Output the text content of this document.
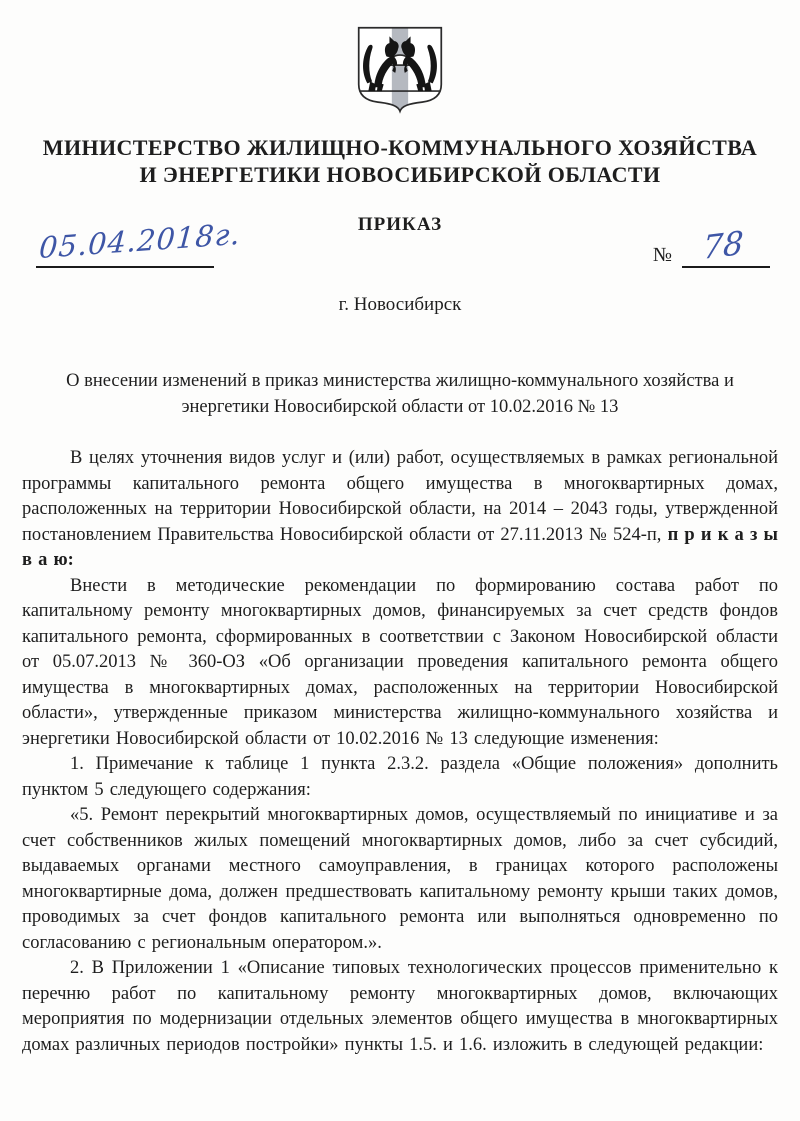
МИНИСТЕРСТВО ЖИЛИЩНО-КОММУНАЛЬНОГО ХОЗЯЙСТВА
И ЭНЕРГЕТИКИ НОВОСИБИРСКОЙ ОБЛАСТИ
ПРИКАЗ
05.04.2018г.	№ 78
г. Новосибирск
О внесении изменений в приказ министерства жилищно-коммунального хозяйства и энергетики Новосибирской области от 10.02.2016 № 13

В целях уточнения видов услуг и (или) работ, осуществляемых в рамках региональной программы капитального ремонта общего имущества в многоквартирных домах, расположенных на территории Новосибирской области, на 2014 – 2043 годы, утвержденной постановлением Правительства Новосибирской области от 27.11.2013 № 524-п, п р и к а з ы в а ю:

Внести в методические рекомендации по формированию состава работ по капитальному ремонту многоквартирных домов, финансируемых за счет средств фондов капитального ремонта, сформированных в соответствии с Законом Новосибирской области от 05.07.2013 № 360-ОЗ «Об организации проведения капитального ремонта общего имущества в многоквартирных домах, расположенных на территории Новосибирской области», утвержденные приказом министерства жилищно-коммунального хозяйства и энергетики Новосибирской области от 10.02.2016 № 13 следующие изменения:

1. Примечание к таблице 1 пункта 2.3.2. раздела «Общие положения» дополнить пунктом 5 следующего содержания:

«5. Ремонт перекрытий многоквартирных домов, осуществляемый по инициативе и за счет собственников жилых помещений многоквартирных домов, либо за счет субсидий, выдаваемых органами местного самоуправления, в границах которого расположены многоквартирные дома, должен предшествовать капитальному ремонту крыши таких домов, проводимых за счет фондов капитального ремонта или выполняться одновременно по согласованию с региональным оператором.».

2. В Приложении 1 «Описание типовых технологических процессов применительно к перечню работ по капитальному ремонту многоквартирных домов, включающих мероприятия по модернизации отдельных элементов общего имущества в многоквартирных домах различных периодов постройки» пункты 1.5. и 1.6. изложить в следующей редакции:
